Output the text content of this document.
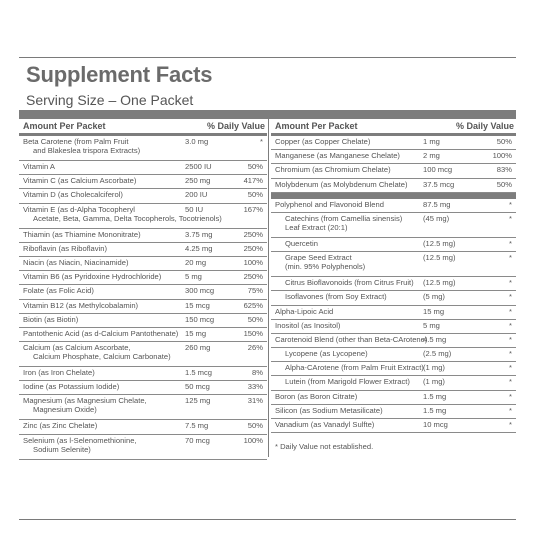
Supplement Facts
Serving Size – One Packet
Amount Per Packet	% Daily Value
Beta Carotene (from Palm Fruit
and Blakeslea trispora Extracts)
3.0 mg	*
Vitamin A	2500 IU	50%
Vitamin C (as Calcium Ascorbate)	250 mg	417%
Vitamin D (as Cholecalciferol)	200 IU	50%
Vitamin E (as d-Alpha Tocopheryl
Acetate, Beta, Gamma, Delta Tocopherols, Tocotrienols)
50 IU	167%
Thiamin (as Thiamine Mononitrate)	3.75 mg	250%
Riboflavin (as Riboflavin)	4.25 mg	250%
Niacin (as Niacin, Niacinamide)	20 mg	100%
Vitamin B6 (as Pyridoxine Hydrochloride)	5 mg	250%
Folate (as Folic Acid)	300 mcg	75%
Vitamin B12 (as Methylcobalamin)	15 mcg	625%
Biotin (as Biotin)	150 mcg	50%
Pantothenic Acid (as d-Calcium Pantothenate) 15 mg	150%
Calcium (as Calcium Ascorbate,
Calcium Phosphate, Calcium Carbonate)
260 mg	26%
Iron (as Iron Chelate)	1.5 mcg	8%
Iodine (as Potassium Iodide)	50 mcg	33%
Magnesium (as Magnesium Chelate,
Magnesium Oxide)
125 mg	31%
Zinc (as Zinc Chelate)	7.5 mg	50%
Selenium (as l-Selenomethionine,
Sodium Selenite)
70 mcg	100%
Amount Per Packet	% Daily Value
Copper (as Copper Chelate)	1 mg	50%
Manganese (as Manganese Chelate)	2 mg	100%
Chromium (as Chromium Chelate)	100 mcg	83%
Molybdenum (as Molybdenum Chelate) 37.5 mcg	50%
Polyphenol and Flavonoid Blend	87.5 mg	*
Catechins (from Camellia sinensis)
Leaf Extract (20:1)
(45 mg)	*
Quercetin	(12.5 mg)	*
Grape Seed Extract
(min. 95% Polyphenols)
(12.5 mg)	*
Citrus Bioflavonoids (from Citrus Fruit) (12.5 mg)	*
Isoflavones (from Soy Extract)	(5 mg)	*
Alpha-Lipoic Acid	15 mg	*
Inositol (as Inositol)	5 mg	*
Carotenoid Blend (other than Beta-CArotene)
4.5 mg	*
Lycopene (as Lycopene)	(2.5 mg)	*
Alpha-CArotene (from Palm Fruit Extract) (1 mg)	*
Lutein (from Marigold Flower Extract) (1 mg)	*
Boron (as Boron Citrate)	1.5 mg	*
Silicon (as Sodium Metasilicate)	1.5 mg	*
Vanadium (as Vanadyl Sulfte)	10 mcg	*
* Daily Value not established.
